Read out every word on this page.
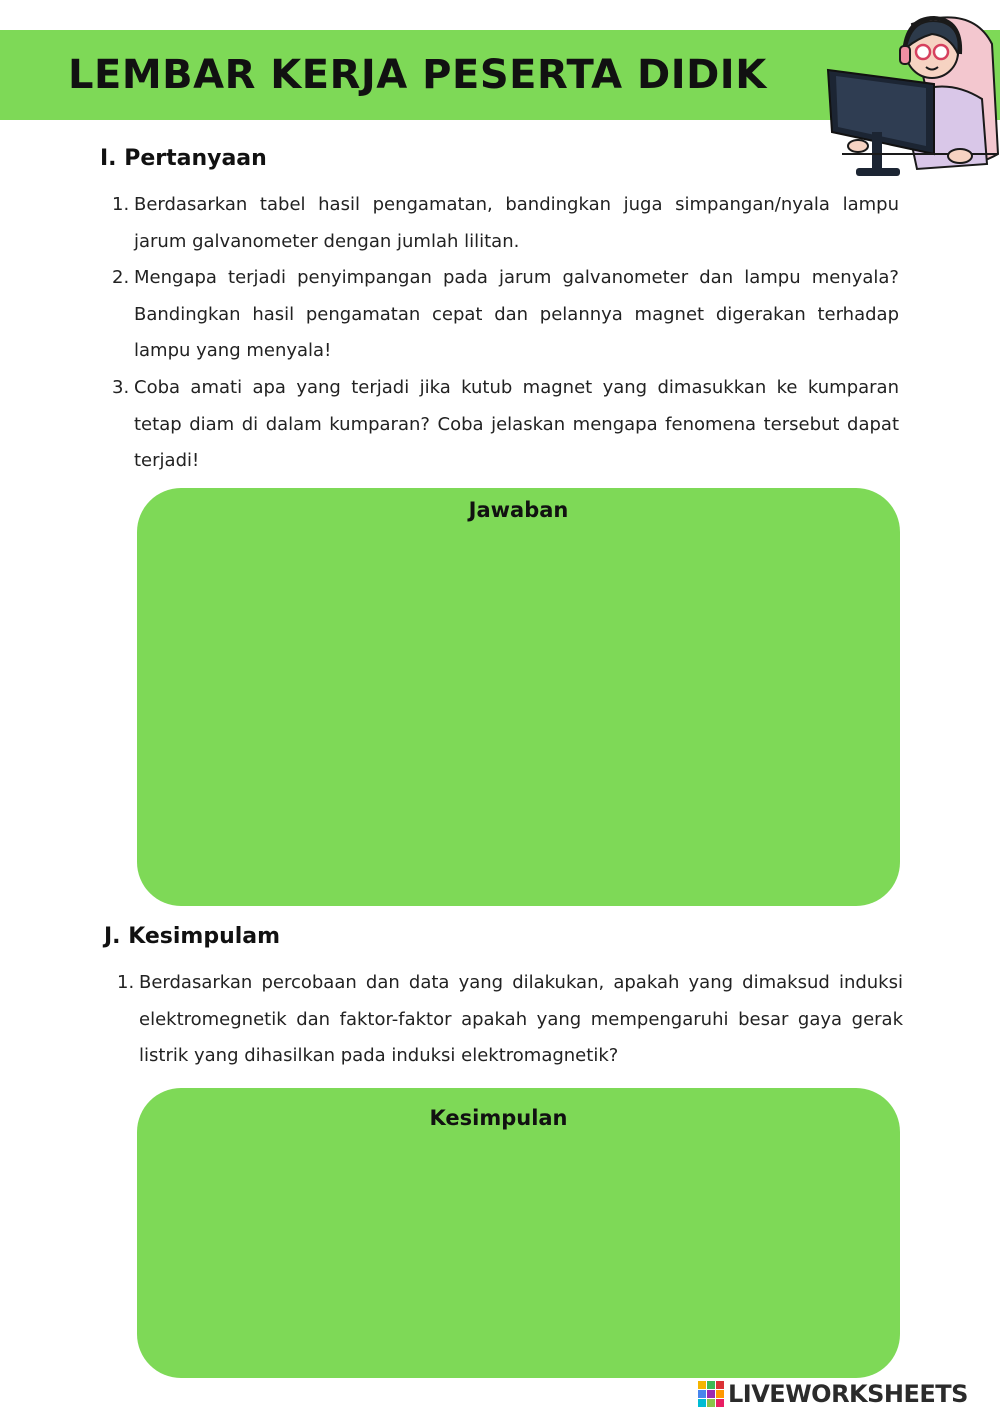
LEMBAR KERJA PESERTA DIDIK
I. Pertanyaan
1. Berdasarkan tabel hasil pengamatan, bandingkan juga simpangan/nyala lampu jarum galvanometer dengan jumlah lilitan.
2. Mengapa terjadi penyimpangan pada jarum galvanometer dan lampu menyala? Bandingkan hasil pengamatan cepat dan pelannya magnet digerakan terhadap lampu yang menyala!
3. Coba amati apa yang terjadi jika kutub magnet yang dimasukkan ke kumparan tetap diam di dalam kumparan? Coba jelaskan mengapa fenomena tersebut dapat terjadi!
Jawaban
J. Kesimpulam
1. Berdasarkan percobaan dan data yang dilakukan, apakah yang dimaksud induksi elektromegnetik dan faktor-faktor apakah yang mempengaruhi besar gaya gerak listrik yang dihasilkan pada induksi elektromagnetik?
Kesimpulan
LIVEWORKSHEETS
